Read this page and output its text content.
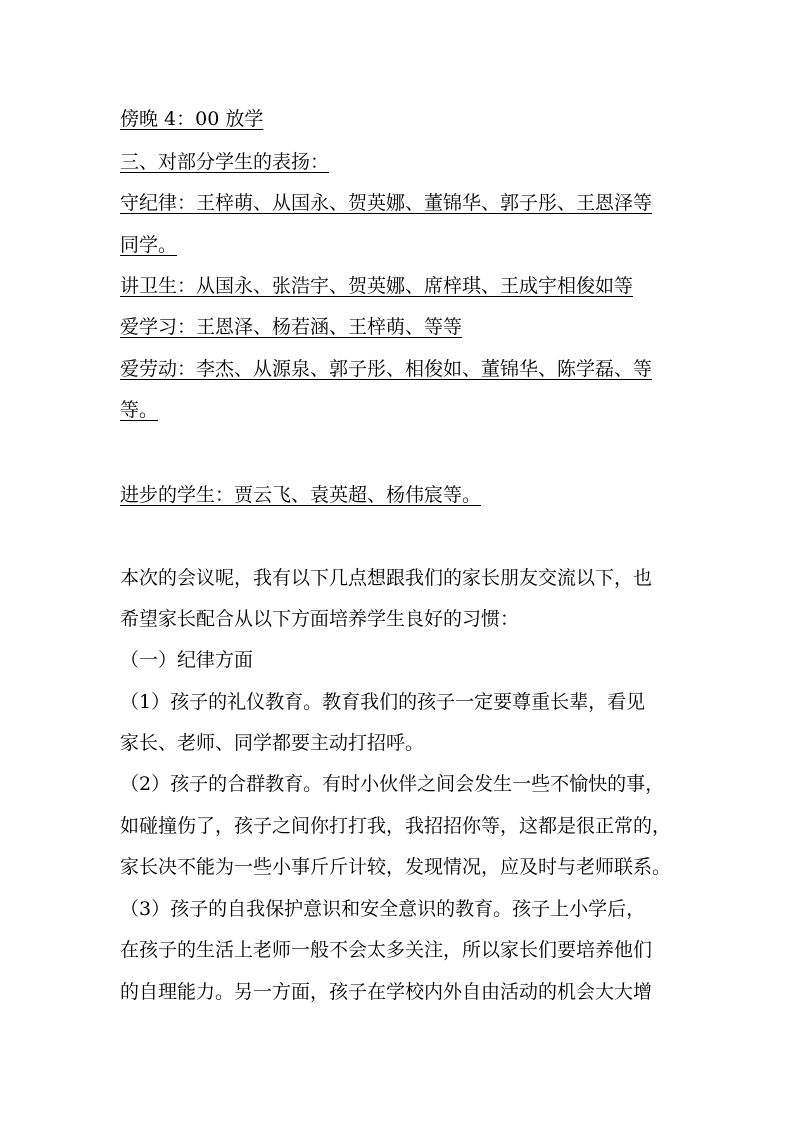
傍晚 4：00 放学
三、对部分学生的表扬：
守纪律：王梓萌、从国永、贺英娜、董锦华、郭子彤、王恩泽等
同学。
讲卫生：从国永、张浩宇、贺英娜、席梓琪、王成宇相俊如等
爱学习：王恩泽、杨若涵、王梓萌、等等
爱劳动：李杰、从源泉、郭子彤、相俊如、董锦华、陈学磊、等
等。
进步的学生：贾云飞、袁英超、杨伟宸等。
本次的会议呢，我有以下几点想跟我们的家长朋友交流以下，也
希望家长配合从以下方面培养学生良好的习惯：
（一）纪律方面
（1）孩子的礼仪教育。教育我们的孩子一定要尊重长辈，看见
家长、老师、同学都要主动打招呼。
（2）孩子的合群教育。有时小伙伴之间会发生一些不愉快的事，
如碰撞伤了，孩子之间你打打我，我招招你等，这都是很正常的，
家长决不能为一些小事斤斤计较，发现情况，应及时与老师联系。
（3）孩子的自我保护意识和安全意识的教育。孩子上小学后，
在孩子的生活上老师一般不会太多关注，所以家长们要培养他们
的自理能力。另一方面，孩子在学校内外自由活动的机会大大增
